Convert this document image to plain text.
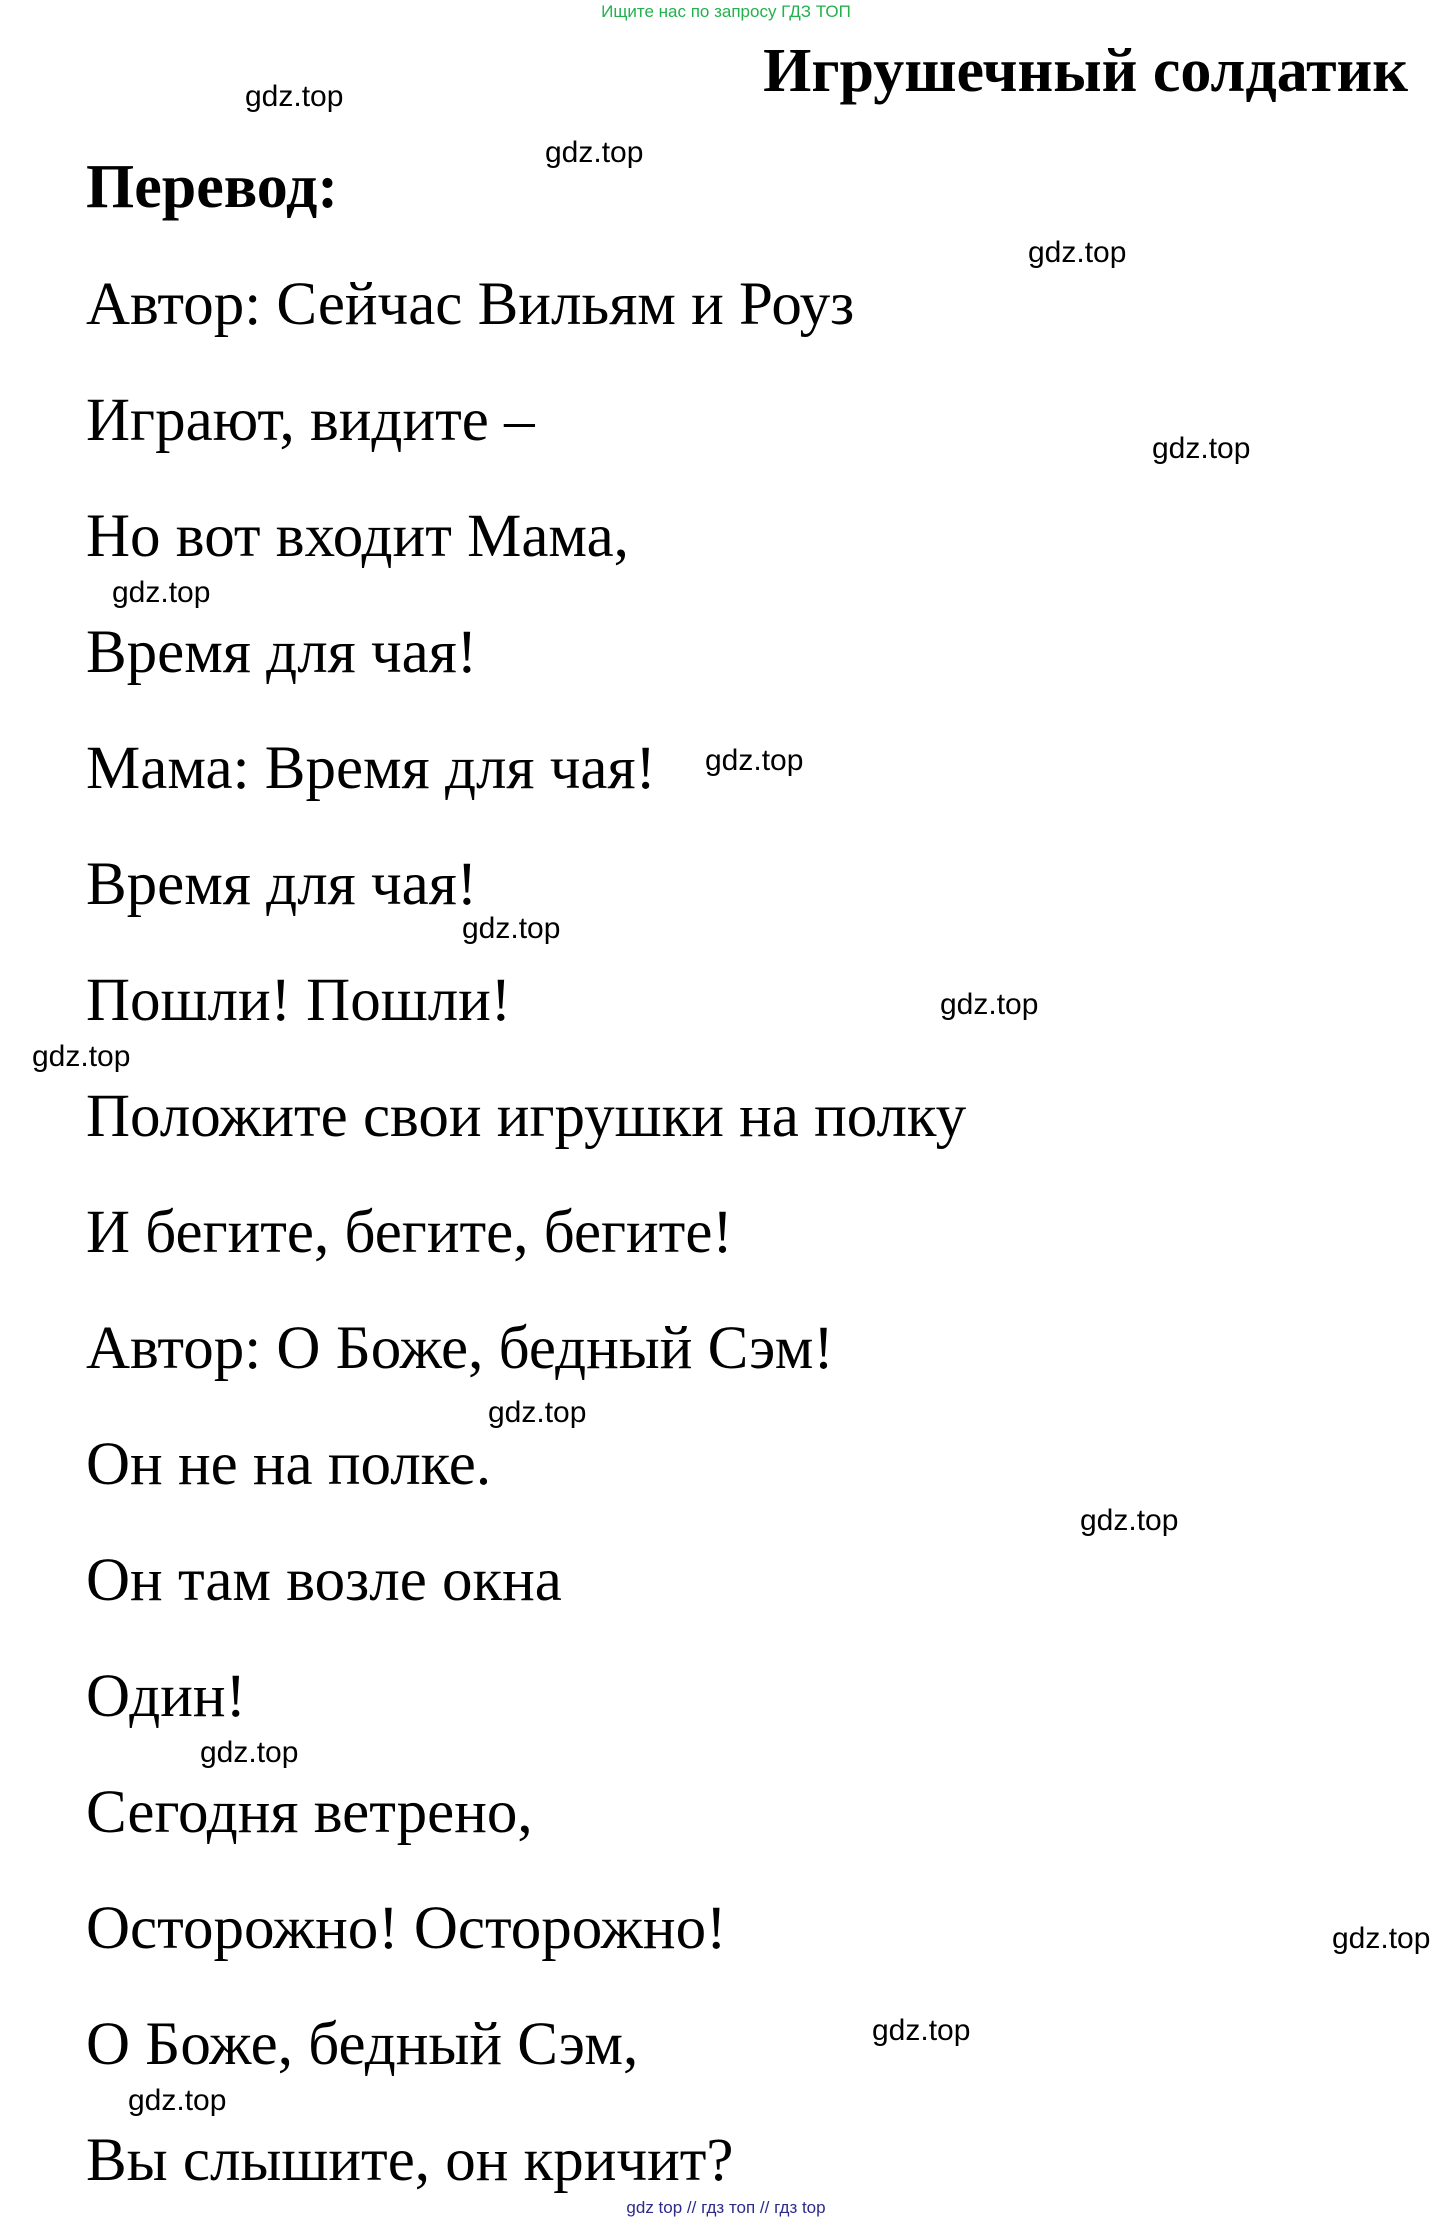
Ищите нас по запросу ГДЗ ТОП
Игрушечный солдатик
Перевод:
Автор: Сейчас Вильям и Роуз
Играют, видите –
Но вот входит Мама,
Время для чая!
Мама: Время для чая!
Время для чая!
Пошли! Пошли!
Положите свои игрушки на полку
И бегите, бегите, бегите!
Автор: О Боже, бедный Сэм!
Он не на полке.
Он там возле окна
Один!
Сегодня ветрено,
Осторожно! Осторожно!
О Боже, бедный Сэм,
Вы слышите, он кричит?
gdz.top
gdz.top
gdz.top
gdz.top
gdz.top
gdz.top
gdz.top
gdz.top
gdz.top
gdz.top
gdz.top
gdz.top
gdz.top
gdz.top
gdz.top
gdz top // гдз топ // гдз top
